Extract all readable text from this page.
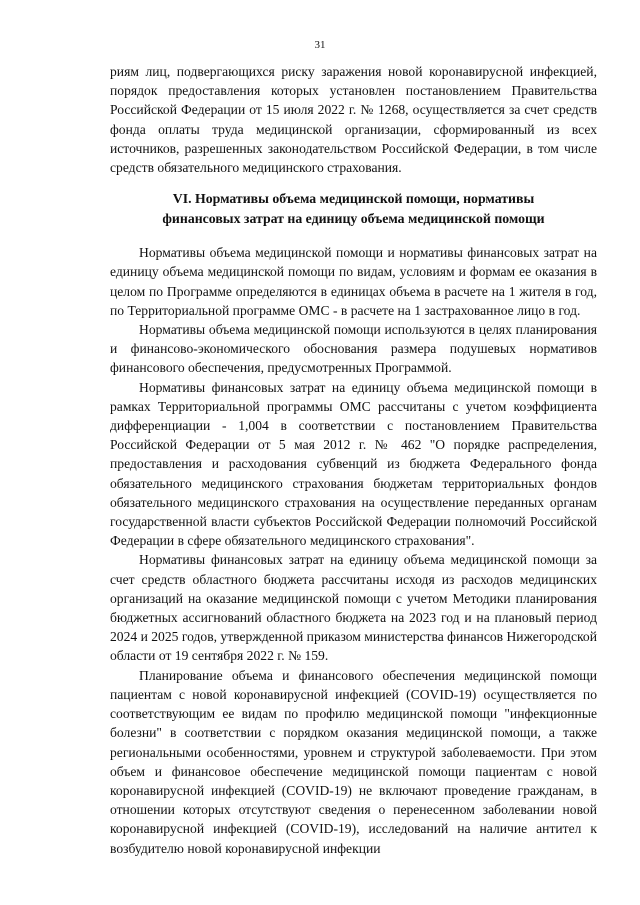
31

риям лиц, подвергающихся риску заражения новой коронавирусной инфекцией, порядок предоставления которых установлен постановлением Правительства Российской Федерации от 15 июля 2022 г. № 1268, осуществляется за счет средств фонда оплаты труда медицинской организации, сформированный из всех источников, разрешенных законодательством Российской Федерации, в том числе средств обязательного медицинского страхования.

VI. Нормативы объема медицинской помощи, нормативы
финансовых затрат на единицу объема медицинской помощи

Нормативы объема медицинской помощи и нормативы финансовых затрат на единицу объема медицинской помощи по видам, условиям и формам ее оказания в целом по Программе определяются в единицах объема в расчете на 1 жителя в год, по Территориальной программе ОМС - в расчете на 1 застрахованное лицо в год.

Нормативы объема медицинской помощи используются в целях планирования и финансово-экономического обоснования размера подушевых нормативов финансового обеспечения, предусмотренных Программой.

Нормативы финансовых затрат на единицу объема медицинской помощи в рамках Территориальной программы ОМС рассчитаны с учетом коэффициента дифференциации - 1,004 в соответствии с постановлением Правительства Российской Федерации от 5 мая 2012 г. № 462 "О порядке распределения, предоставления и расходования субвенций из бюджета Федерального фонда обязательного медицинского страхования бюджетам территориальных фондов обязательного медицинского страхования на осуществление переданных органам государственной власти субъектов Российской Федерации полномочий Российской Федерации в сфере обязательного медицинского страхования".

Нормативы финансовых затрат на единицу объема медицинской помощи за счет средств областного бюджета рассчитаны исходя из расходов медицинских организаций на оказание медицинской помощи с учетом Методики планирования бюджетных ассигнований областного бюджета на 2023 год и на плановый период 2024 и 2025 годов, утвержденной приказом министерства финансов Нижегородской области от 19 сентября 2022 г. № 159.

Планирование объема и финансового обеспечения медицинской помощи пациентам с новой коронавирусной инфекцией (COVID-19) осуществляется по соответствующим ее видам по профилю медицинской помощи "инфекционные болезни" в соответствии с порядком оказания медицинской помощи, а также региональными особенностями, уровнем и структурой заболеваемости. При этом объем и финансовое обеспечение медицинской помощи пациентам с новой коронавирусной инфекцией (COVID-19) не включают проведение гражданам, в отношении которых отсутствуют сведения о перенесенном заболевании новой коронавирусной инфекцией (COVID-19), исследований на наличие антител к возбудителю новой коронавирусной инфекции
